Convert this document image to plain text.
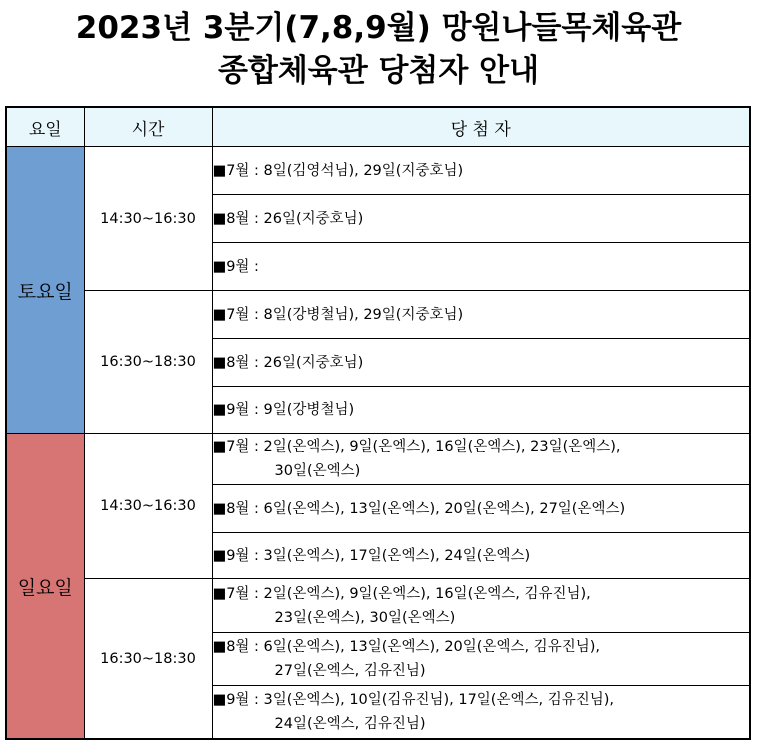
2023년 3분기(7,8,9월) 망원나들목체육관
종합체육관 당첨자 안내
요일	시간	당 첨 자
토요일	14:30~16:30	■7월 : 8일(김영석님), 29일(지중호님)

		■8월 : 26일(지중호님)

		■9월 :

	16:30~18:30	■7월 : 8일(강병철님), 29일(지중호님)

		■8월 : 26일(지중호님)

		■9월 : 9일(강병철님)

일요일	14:30~16:30	■7월 : 2일(온엑스), 9일(온엑스), 16일(온엑스), 23일(온엑스),
30일(온엑스)

		■8월 : 6일(온엑스), 13일(온엑스), 20일(온엑스), 27일(온엑스)

		■9월 : 3일(온엑스), 17일(온엑스), 24일(온엑스)

	16:30~18:30	■7월 : 2일(온엑스), 9일(온엑스), 16일(온엑스, 김유진님),
23일(온엑스), 30일(온엑스)

		■8월 : 6일(온엑스), 13일(온엑스), 20일(온엑스, 김유진님),
27일(온엑스, 김유진님)

		■9월 : 3일(온엑스), 10일(김유진님), 17일(온엑스, 김유진님),
24일(온엑스, 김유진님)
